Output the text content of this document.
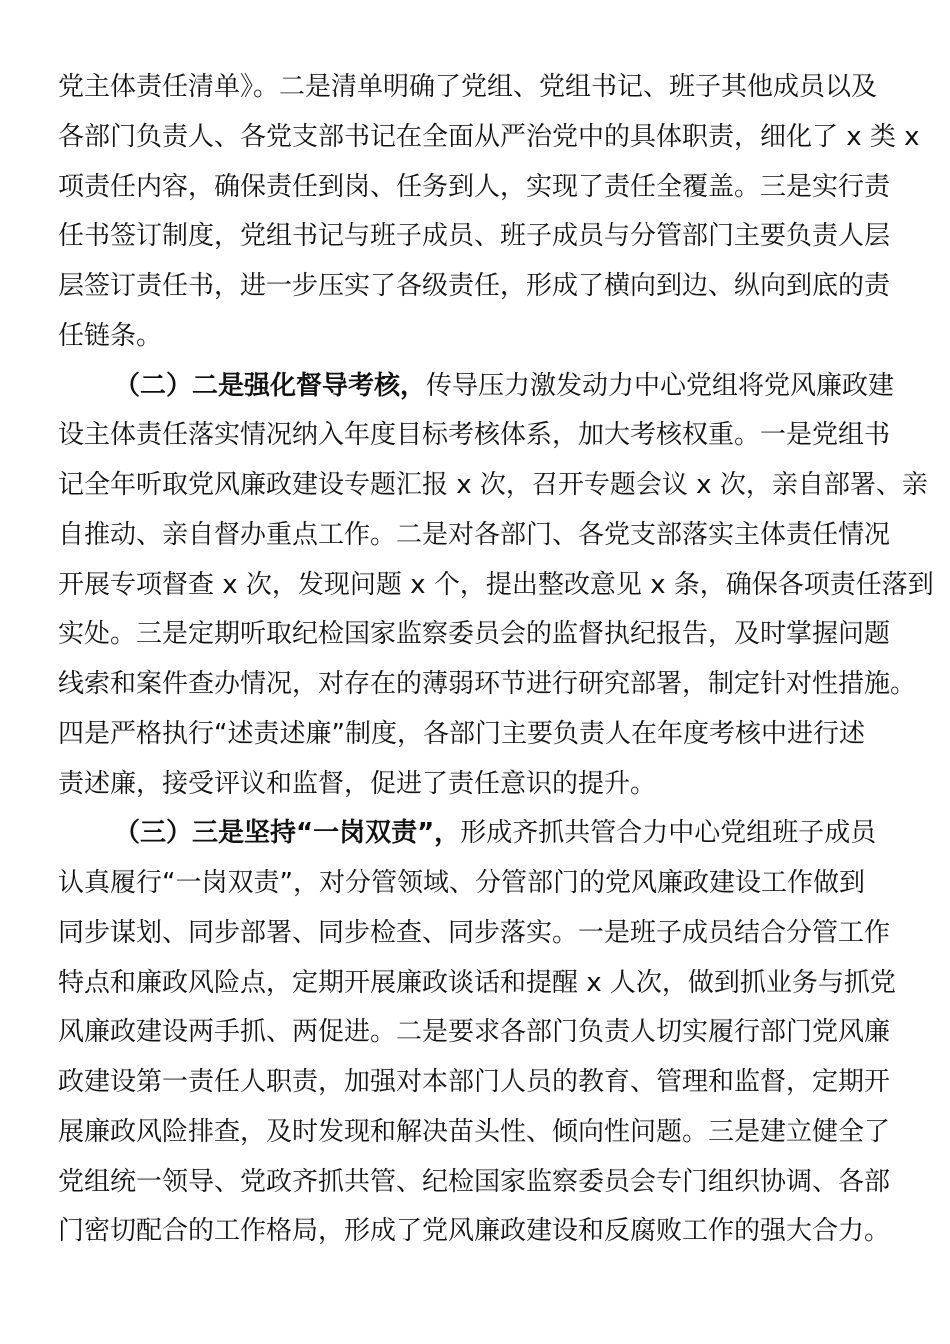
党主体责任清单》。二是清单明确了党组、党组书记、班子其他成员以及
各部门负责人、各党支部书记在全面从严治党中的具体职责，细化了 x 类 x
项责任内容，确保责任到岗、任务到人，实现了责任全覆盖。三是实行责
任书签订制度，党组书记与班子成员、班子成员与分管部门主要负责人层
层签订责任书，进一步压实了各级责任，形成了横向到边、纵向到底的责
任链条。
（二）二是强化督导考核，传导压力激发动力中心党组将党风廉政建
设主体责任落实情况纳入年度目标考核体系，加大考核权重。一是党组书
记全年听取党风廉政建设专题汇报 x 次，召开专题会议 x 次，亲自部署、亲
自推动、亲自督办重点工作。二是对各部门、各党支部落实主体责任情况
开展专项督查 x 次，发现问题 x 个，提出整改意见 x 条，确保各项责任落到
实处。三是定期听取纪检国家监察委员会的监督执纪报告，及时掌握问题
线索和案件查办情况，对存在的薄弱环节进行研究部署，制定针对性措施。
四是严格执行“述责述廉”制度，各部门主要负责人在年度考核中进行述
责述廉，接受评议和监督，促进了责任意识的提升。
（三）三是坚持“一岗双责”，形成齐抓共管合力中心党组班子成员
认真履行“一岗双责”，对分管领域、分管部门的党风廉政建设工作做到
同步谋划、同步部署、同步检查、同步落实。一是班子成员结合分管工作
特点和廉政风险点，定期开展廉政谈话和提醒 x 人次，做到抓业务与抓党
风廉政建设两手抓、两促进。二是要求各部门负责人切实履行部门党风廉
政建设第一责任人职责，加强对本部门人员的教育、管理和监督，定期开
展廉政风险排查，及时发现和解决苗头性、倾向性问题。三是建立健全了
党组统一领导、党政齐抓共管、纪检国家监察委员会专门组织协调、各部
门密切配合的工作格局，形成了党风廉政建设和反腐败工作的强大合力。
